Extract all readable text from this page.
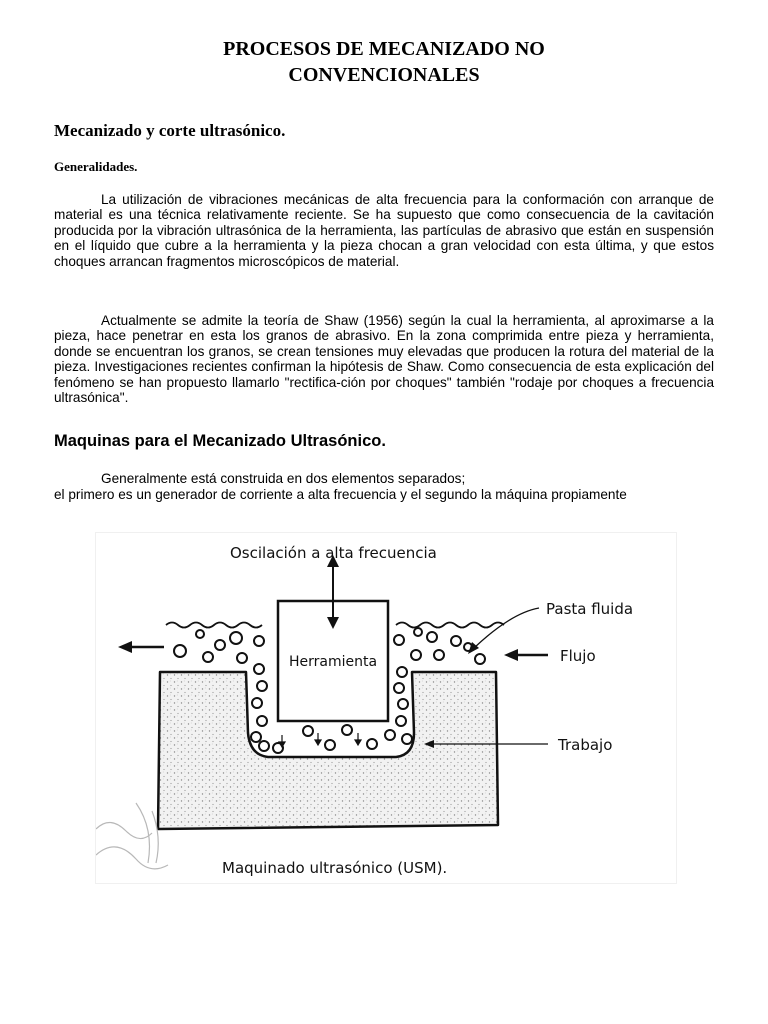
PROCESOS DE MECANIZADO NO
CONVENCIONALES
Mecanizado y corte ultrasónico.
Generalidades.

La utilización de vibraciones mecánicas de alta frecuencia para la conformación con arranque de material es una técnica relativamente reciente. Se ha supuesto que como consecuencia de la cavitación producida por la vibración ultrasónica de la herramienta, las partículas de abrasivo que están en suspensión en el líquido que cubre a la herramienta y la pieza chocan a gran velocidad con esta última, y que estos choques arrancan fragmentos microscópicos de material.

Actualmente se admite la teoría de Shaw (1956) según la cual la herramienta, al aproximarse a la pieza, hace penetrar en esta los granos de abrasivo. En la zona comprimida entre pieza y herramienta, donde se encuentran los granos, se crean tensiones muy elevadas que producen la rotura del material de la pieza. Investigaciones recientes confirman la hipótesis de Shaw. Como consecuencia de esta explicación del fenómeno se han propuesto llamarlo "rectifica-ción por choques" también "rodaje por choques a frecuencia ultrasónica".

Maquinas para el Mecanizado Ultrasónico.
Generalmente está construida en dos elementos separados;
el primero es un generador de corriente a alta frecuencia y el segundo la máquina propiamente
Herramienta
Oscilación a alta frecuencia
Flujo
Pasta fluida
Trabajo
Maquinado ultrasónico (USM).
